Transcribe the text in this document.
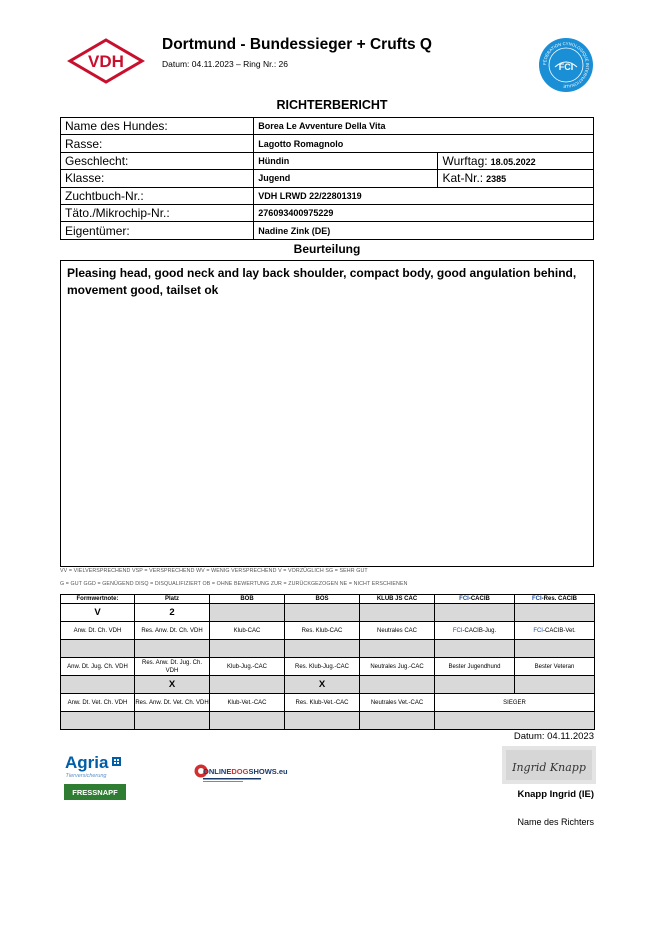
VDH
Dortmund - Bundessieger + Crufts Q
Datum: 04.11.2023 – Ring Nr.: 26	FÉDÉRATION CYNOLOGIQUE INTERNATIONALE
FCI
RICHTERBERICHT
Name des Hundes:	Borea Le Avventure Della Vita	
Rasse:	Lagotto Romagnolo	
Geschlecht:	Hündin	Wurftag: 18.05.2022
Klasse:	Jugend	Kat-Nr.: 2385
Zuchtbuch-Nr.:	VDH LRWD 22/22801319	
Täto./Mikrochip-Nr.:	276093400975229	
Eigentümer:	Nadine Zink (DE)	
Beurteilung
Pleasing head, good neck and lay back shoulder, compact body, good angulation behind, movement good, tailset ok
VV = VIELVERSPRECHEND VSP = VERSPRECHEND WV = WENIG VERSPRECHEND V = VORZÜGLICH SG = SEHR GUT
G = GUT GGD = GENÜGEND DISQ = DISQUALIFIZIERT OB = OHNE BEWERTUNG ZUR = ZURÜCKGEZOGEN NE = NICHT ERSCHIENEN
Formwertnote:	Platz	BOB	BOS	KLUB JS CAC	FCI-CACIB	FCI-Res. CACIB
V	2					
Anw. Dt. Ch. VDH	Res. Anw. Dt. Ch. VDH	Klub-CAC	Res. Klub-CAC	Neutrales CAC	FCI-CACIB-Jug.	FCI-CACIB-Vet.

Anw. Dt. Jug. Ch. VDH	Res. Anw. Dt. Jug. Ch. VDH	Klub-Jug.-CAC	Res. Klub-Jug.-CAC	Neutrales Jug.-CAC	Bester Jugendhund	Bester Veteran
	X		X			
Anw. Dt. Vet. Ch. VDH	Res. Anw. Dt. Vet. Ch. VDH	Klub-Vet.-CAC	Res. Klub-Vet.-CAC	Neutrales Vet.-CAC	SIEGER	

Datum: 04.11.2023
Agria
Tierversicherung
FRESSNAPF
ONLINEDOGSHOWS.eu	Ingrid Knapp
Knapp Ingrid (IE)
Name des Richters
